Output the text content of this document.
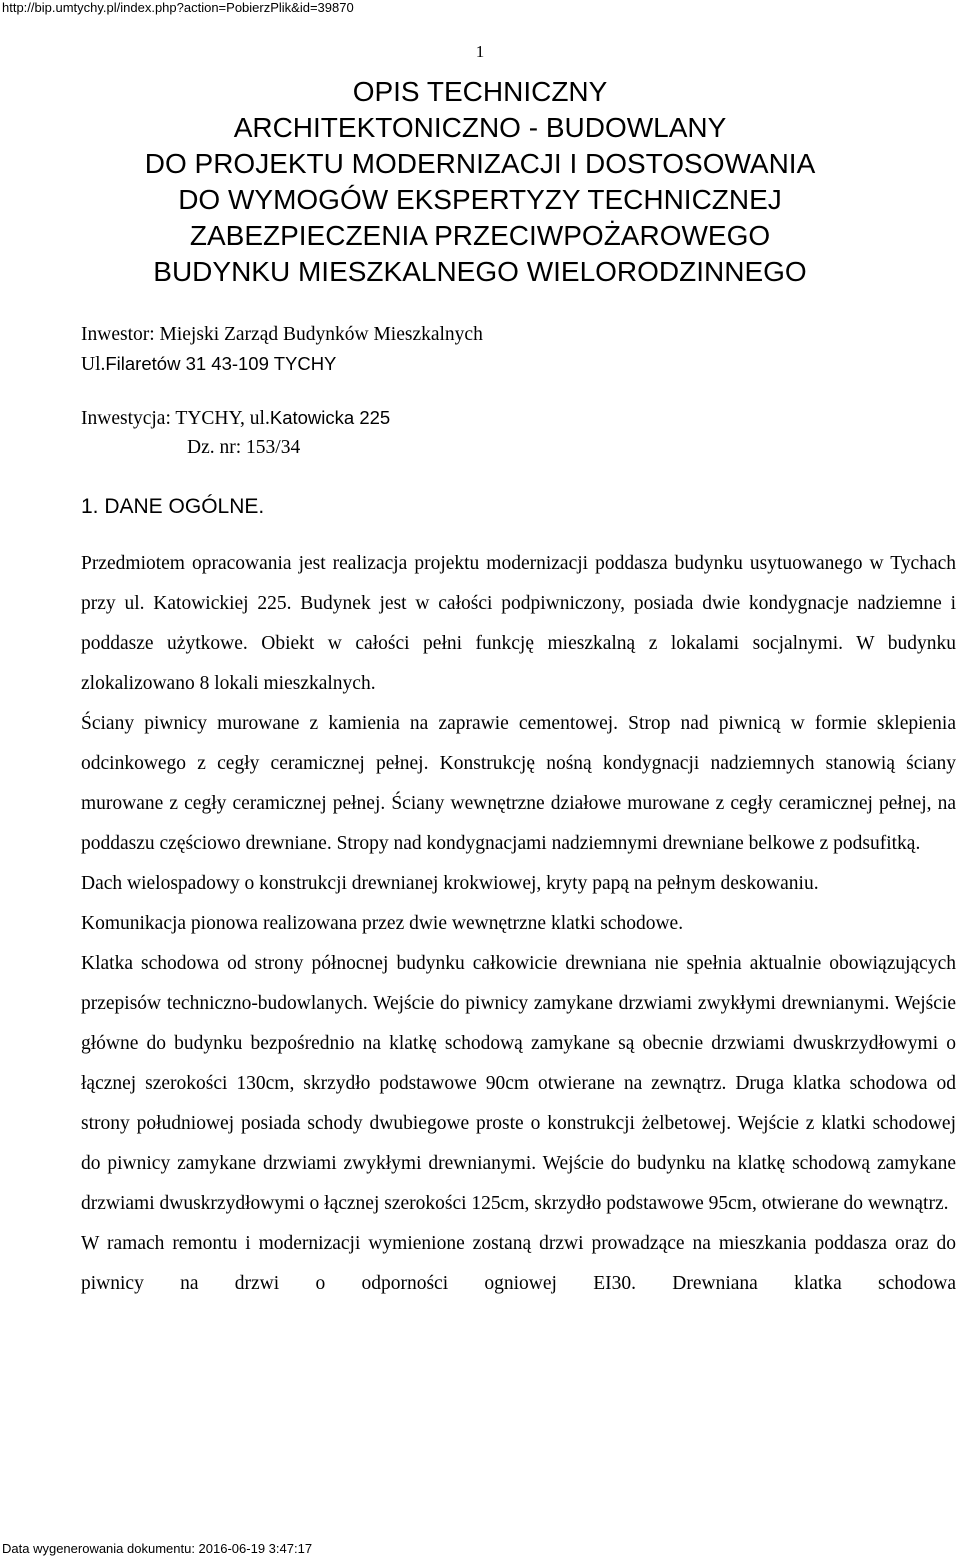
http://bip.umtychy.pl/index.php?action=PobierzPlik&id=39870
1
OPIS TECHNICZNY
ARCHITEKTONICZNO - BUDOWLANY
DO PROJEKTU MODERNIZACJI I DOSTOSOWANIA
DO WYMOGÓW EKSPERTYZY TECHNICZNEJ
ZABEZPIECZENIA PRZECIWPOŻAROWEGO
BUDYNKU MIESZKALNEGO WIELORODZINNEGO
Inwestor: Miejski Zarząd Budynków Mieszkalnych
Ul.Filaretów 31 43-109 TYCHY
Inwestycja: TYCHY, ul.Katowicka 225
Dz. nr: 153/34
1. DANE OGÓLNE.

Przedmiotem opracowania jest realizacja projektu modernizacji poddasza budynku usytuowanego w Tychach przy ul. Katowickiej 225. Budynek jest w całości podpiwniczony, posiada dwie kondygnacje nadziemne i poddasze użytkowe. Obiekt w całości pełni funkcję mieszkalną z lokalami socjalnymi. W budynku zlokalizowano 8 lokali mieszkalnych.

Ściany piwnicy murowane z kamienia na zaprawie cementowej. Strop nad piwnicą w formie sklepienia odcinkowego z cegły ceramicznej pełnej. Konstrukcję nośną kondygnacji nadziemnych stanowią ściany murowane z cegły ceramicznej pełnej. Ściany wewnętrzne działowe murowane z cegły ceramicznej pełnej, na poddaszu częściowo drewniane. Stropy nad kondygnacjami nadziemnymi drewniane belkowe z podsufitką.

Dach wielospadowy o konstrukcji drewnianej krokwiowej, kryty papą na pełnym deskowaniu.

Komunikacja pionowa realizowana przez dwie wewnętrzne klatki schodowe.

Klatka schodowa od strony północnej budynku całkowicie drewniana nie spełnia aktualnie obowiązujących przepisów techniczno-budowlanych. Wejście do piwnicy zamykane drzwiami zwykłymi drewnianymi. Wejście główne do budynku bezpośrednio na klatkę schodową zamykane są obecnie drzwiami dwuskrzydłowymi o łącznej szerokości 130cm, skrzydło podstawowe 90cm otwierane na zewnątrz. Druga klatka schodowa od strony południowej posiada schody dwubiegowe proste o konstrukcji żelbetowej. Wejście z klatki schodowej do piwnicy zamykane drzwiami zwykłymi drewnianymi. Wejście do budynku na klatkę schodową zamykane drzwiami dwuskrzydłowymi o łącznej szerokości 125cm, skrzydło podstawowe 95cm, otwierane do wewnątrz.

W ramach remontu i modernizacji wymienione zostaną drzwi prowadzące na mieszkania poddasza oraz do piwnicy na drzwi o odporności ogniowej EI30. Drewniana klatka schodowa

Data wygenerowania dokumentu: 2016-06-19 3:47:17
